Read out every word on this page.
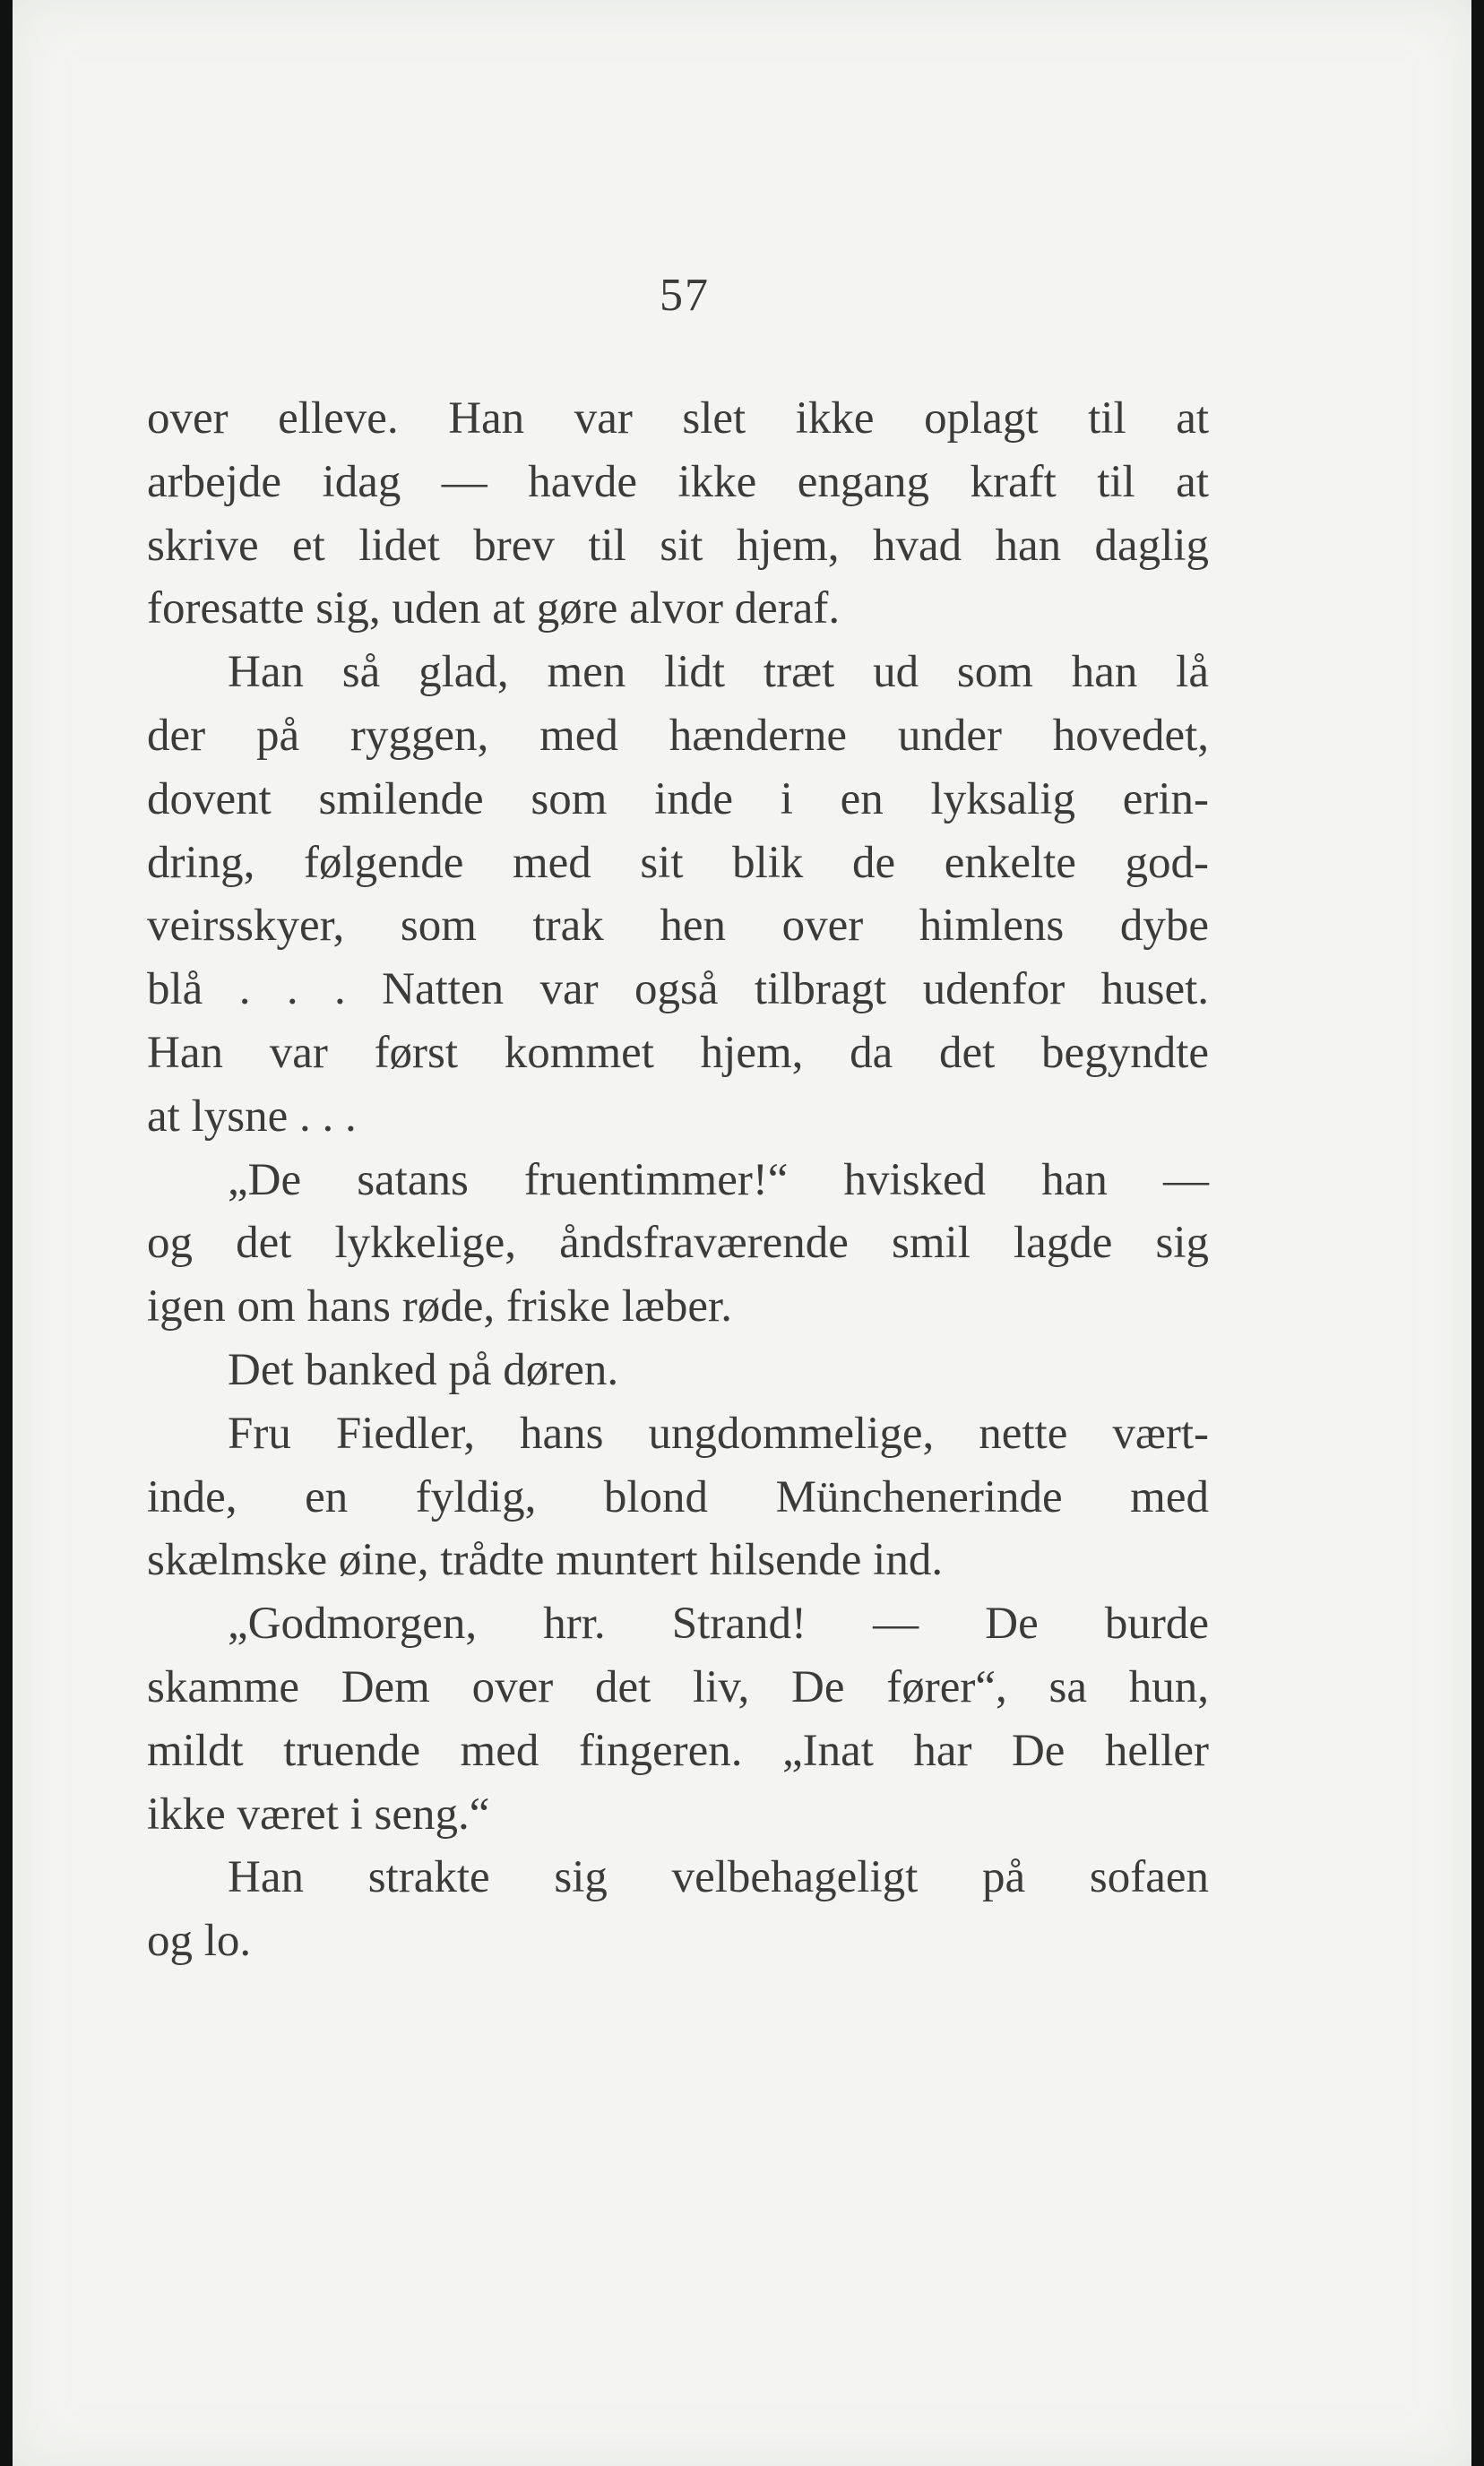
57
over elleve. Han var slet ikke oplagt til at
arbejde idag — havde ikke engang kraft til at
skrive et lidet brev til sit hjem, hvad han daglig
foresatte sig, uden at gøre alvor deraf.
Han så glad, men lidt træt ud som han lå
der på ryggen, med hænderne under hovedet,
dovent smilende som inde i en lyksalig erin-
dring, følgende med sit blik de enkelte god-
veirsskyer, som trak hen over himlens dybe
blå . . . Natten var også tilbragt udenfor huset.
Han var først kommet hjem, da det begyndte
at lysne . . .
„De satans fruentimmer!“ hvisked han —
og det lykkelige, åndsfraværende smil lagde sig
igen om hans røde, friske læber.
Det banked på døren.
Fru Fiedler, hans ungdommelige, nette vært-
inde, en fyldig, blond Münchenerinde med
skælmske øine, trådte muntert hilsende ind.
„Godmorgen, hrr. Strand! — De burde
skamme Dem over det liv, De fører“, sa hun,
mildt truende med fingeren. „Inat har De heller
ikke været i seng.“
Han strakte sig velbehageligt på sofaen
og lo.
